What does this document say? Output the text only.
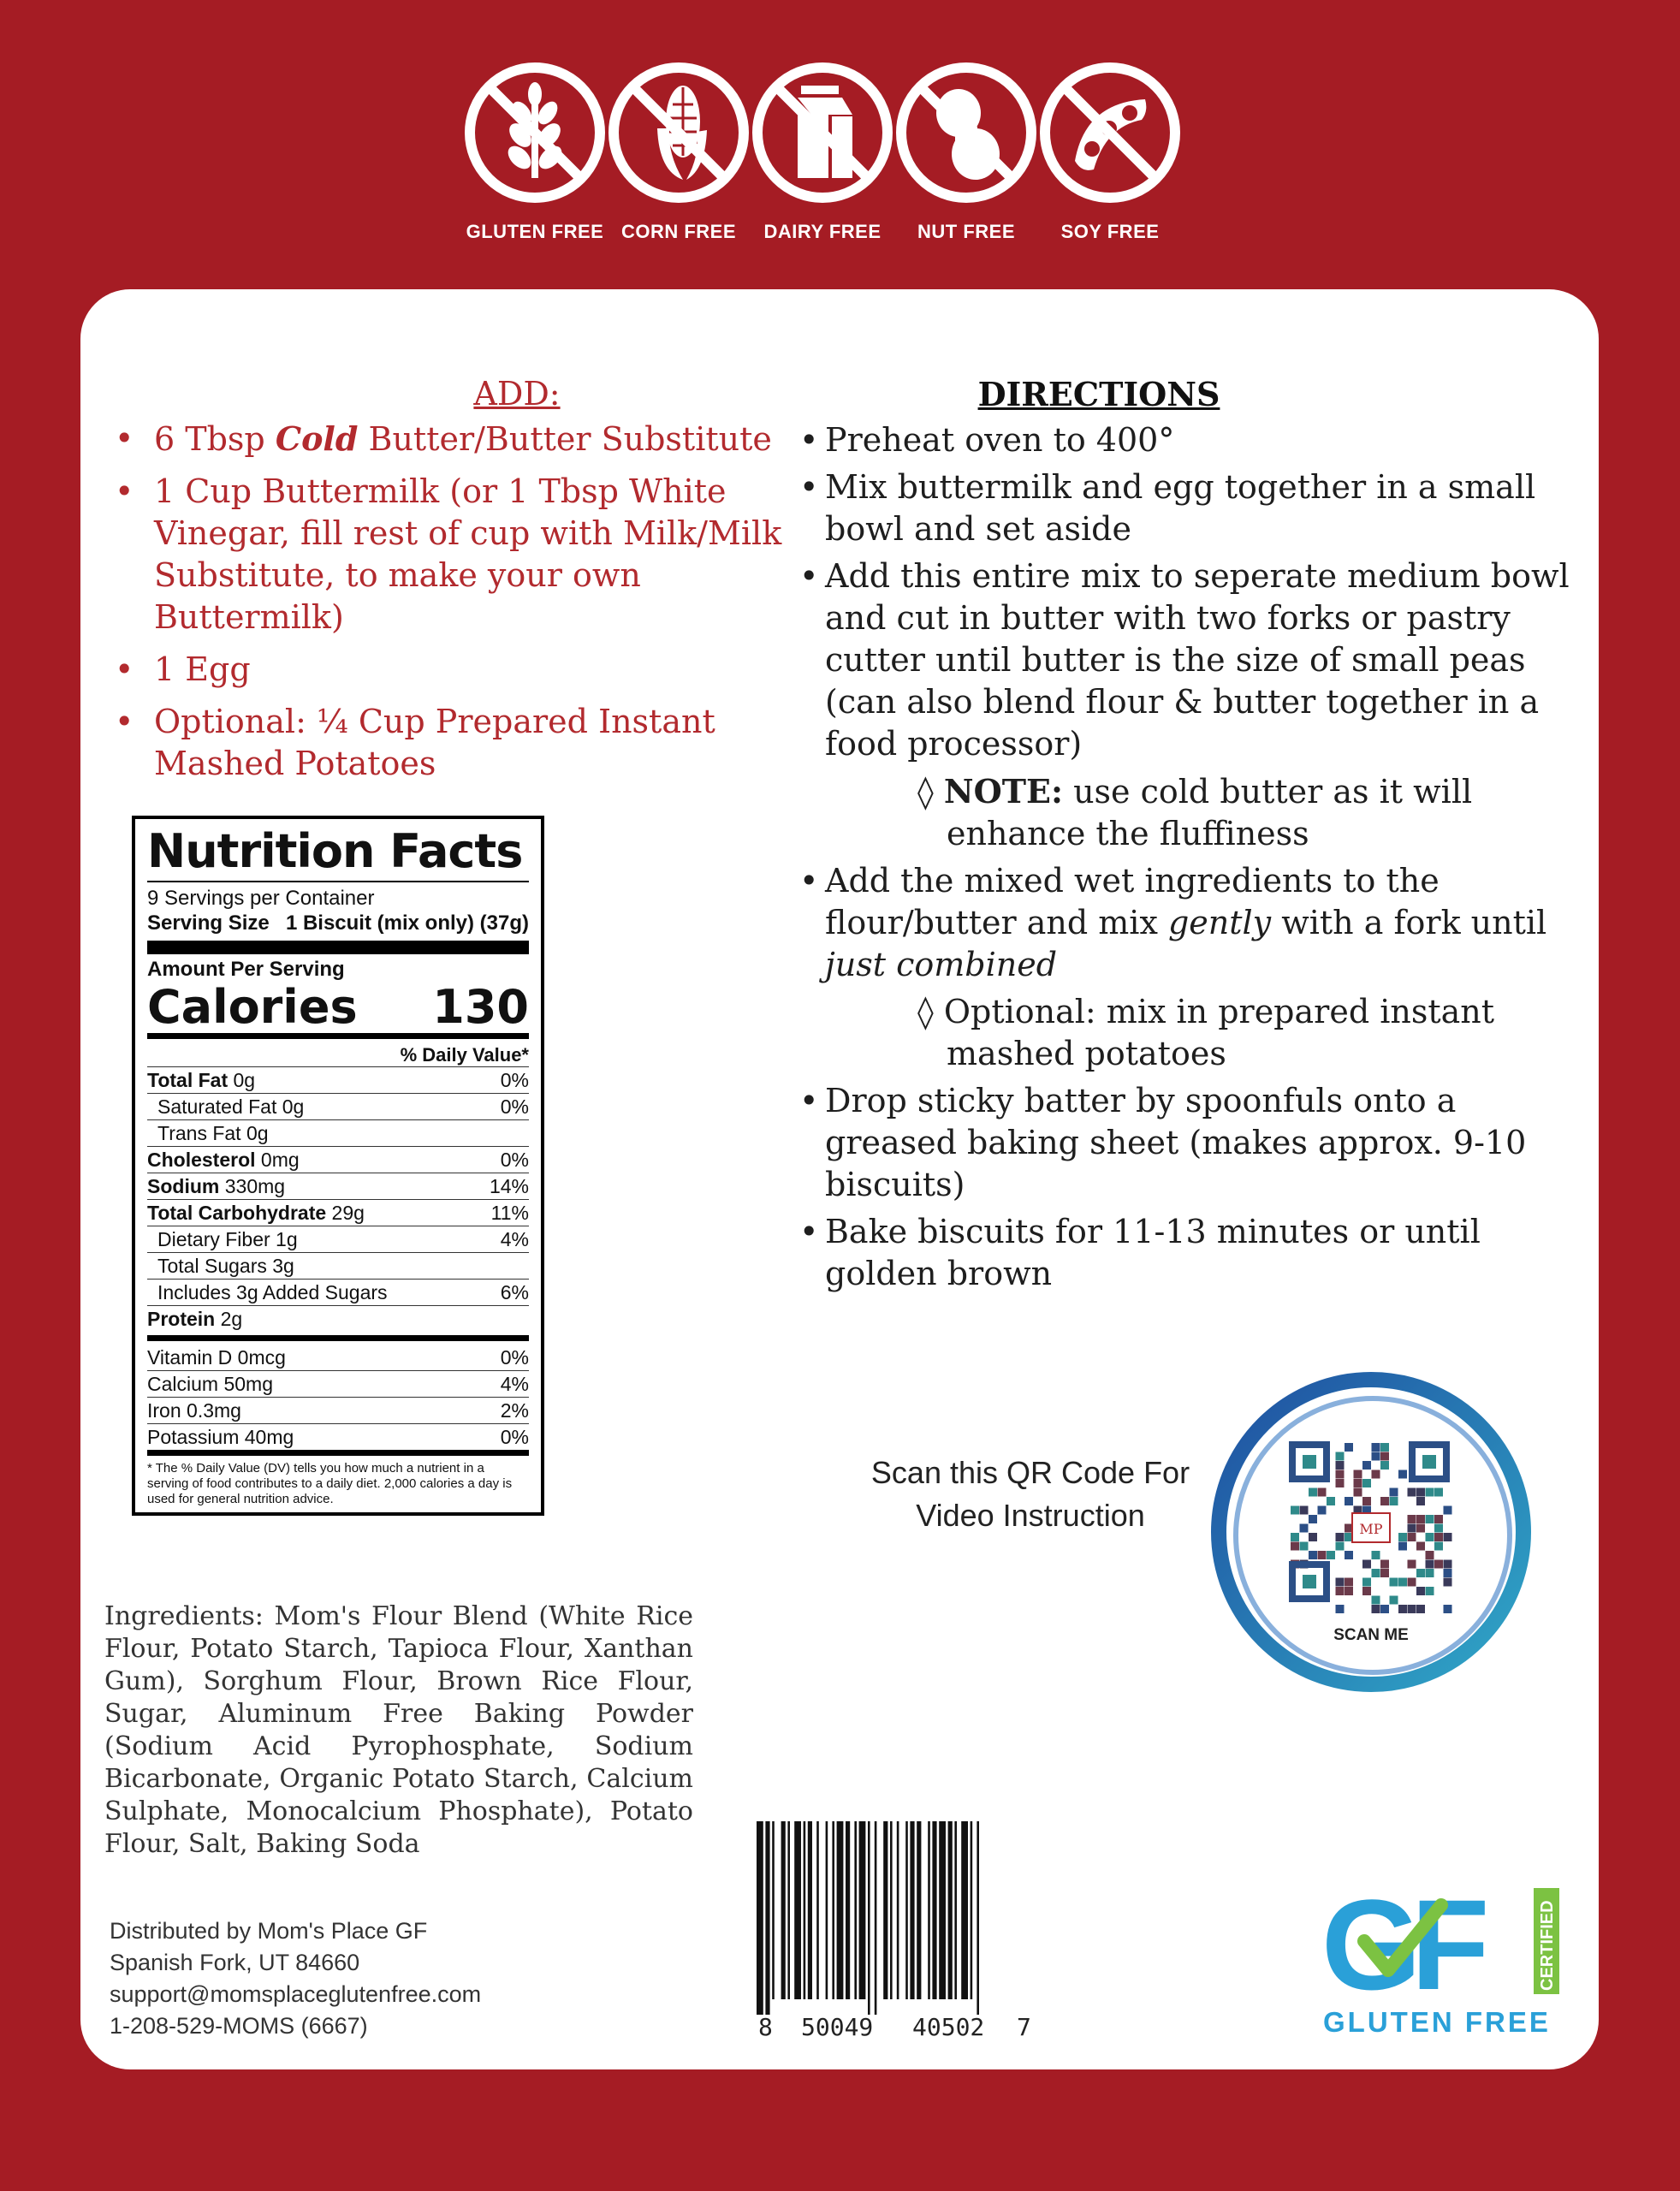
GLUTEN FREE CORN FREE	DAIRY FREE	NUT FREE	SOY FREE
ADD:
• 6 Tbsp Cold Butter/Butter Substitute
• 1 Cup Buttermilk (or 1 Tbsp White Vinegar, fill rest of cup with Milk/Milk Substitute, to make your own Buttermilk)
• 1 Egg
• Optional: ¼ Cup Prepared Instant Mashed Potatoes
DIRECTIONS
• Preheat oven to 400°
• Mix buttermilk and egg together in a small bowl and set aside
• Add this entire mix to seperate medium bowl and cut in butter with two forks or pastry cutter until butter is the size of small peas (can also blend flour & butter together in a food processor)
◊ NOTE: use cold butter as it will enhance the fluffiness
• Add the mixed wet ingredients to the flour/butter and mix gently with a fork until just combined
◊ Optional: mix in prepared instant mashed potatoes
• Drop sticky batter by spoonfuls onto a greased baking sheet (makes approx. 9-10 biscuits)
• Bake biscuits for 11-13 minutes or until golden brown
Nutrition Facts
9 Servings per Container
Serving Size 1 Biscuit (mix only) (37g)
Amount Per Serving
Calories 130
% Daily Value*
Total Fat 0g	0%
Saturated Fat 0g	0%
Trans Fat 0g
Cholesterol 0mg	0%
Sodium 330mg	14%
Total Carbohydrate 29g	11%
Dietary Fiber 1g	4%
Total Sugars 3g
Includes 3g Added Sugars	6%
Protein 2g
Vitamin D 0mcg	0%
Calcium 50mg	4%
Iron 0.3mg	2%
Potassium 40mg	0%
* The % Daily Value (DV) tells you how much a nutrient in a serving of food contributes to a daily diet. 2,000 calories a day is used for general nutrition advice.
Ingredients: Mom's Flour Blend (White Rice Flour, Potato Starch, Tapioca Flour, Xanthan Gum), Sorghum Flour, Brown Rice Flour, Sugar, Aluminum Free Baking Powder (Sodium Acid Pyrophosphate, Sodium Bicarbonate, Organic Potato Starch, Calcium Sulphate, Monocalcium Phosphate), Potato Flour, Salt, Baking Soda
Distributed by Mom's Place GF
Spanish Fork, UT 84660
support@momsplaceglutenfree.com
1-208-529-MOMS (6667)
Scan this QR Code For
Video Instruction	MP
SCAN ME
8 50049 40502 7
GF	CERTIFIED
GLUTEN FREE
